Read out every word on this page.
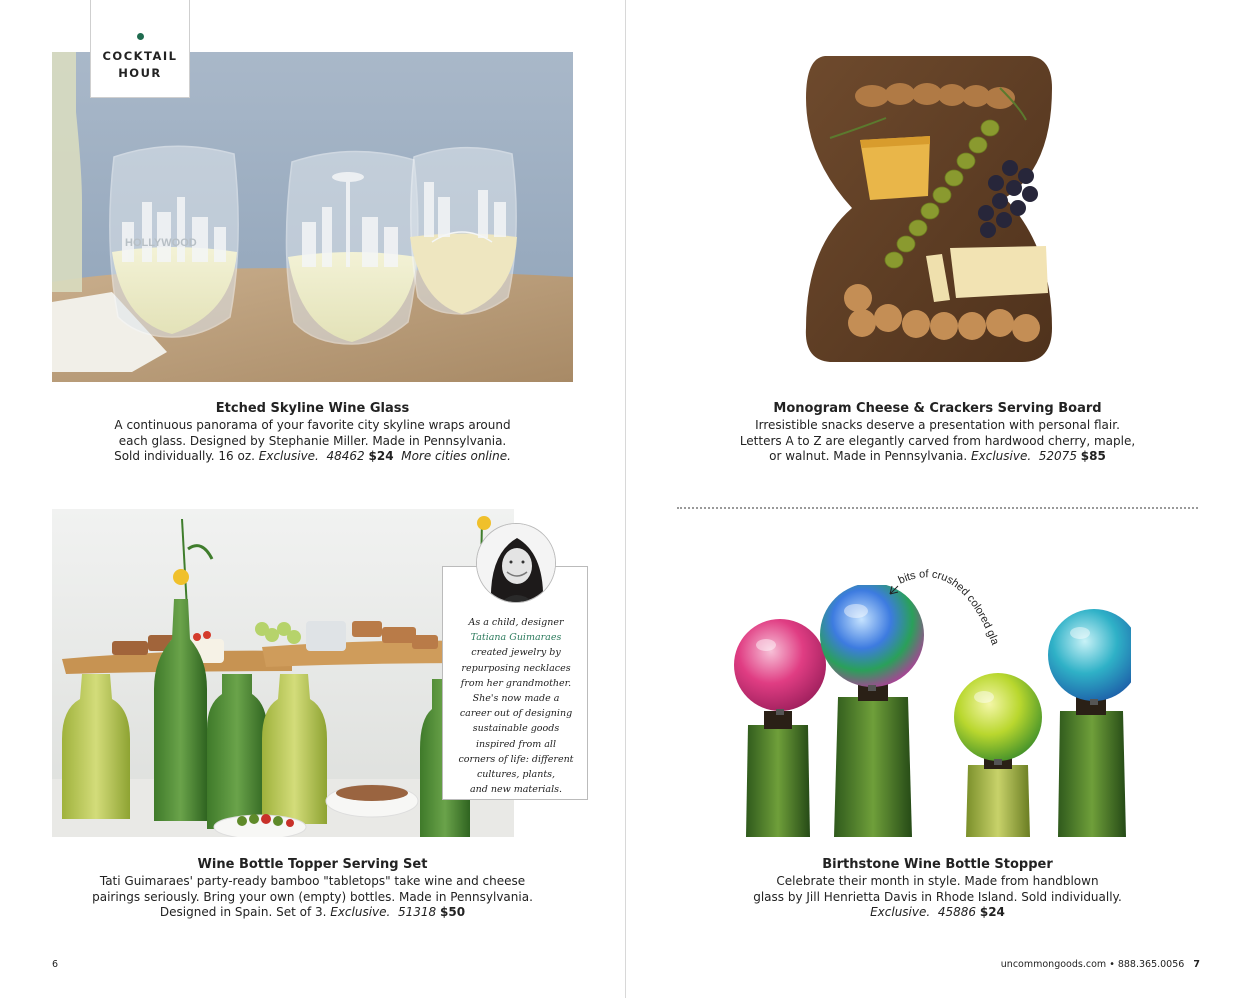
COCKTAIL
HOUR
HOLLYWOOD
Etched Skyline Wine Glass
A continuous panorama of your favorite city skyline wraps around
each glass. Designed by Stephanie Miller. Made in Pennsylvania.
Sold individually. 16 oz. Exclusive. 48462 $24 More cities online.
Monogram Cheese & Crackers Serving Board
Irresistible snacks deserve a presentation with personal flair.
Letters A to Z are elegantly carved from hardwood cherry, maple,
or walnut. Made in Pennsylvania. Exclusive. 52075 $85
As a child, designer
Tatiana Guimaraes
created jewelry by
repurposing necklaces
from her grandmother.
She's now made a
career out of designing
sustainable goods
inspired from all
corners of life: different
cultures, plants,
and new materials.
Wine Bottle Topper Serving Set
Tati Guimaraes' party-ready bamboo "tabletops" take wine and cheese
pairings seriously. Bring your own (empty) bottles. Made in Pennsylvania.
Designed in Spain. Set of 3. Exclusive. 51318 $50
bits of crushed colored gla
Birthstone Wine Bottle Stopper
Celebrate their month in style. Made from handblown
glass by Jill Henrietta Davis in Rhode Island. Sold individually.
Exclusive. 45886 $24
6	uncommongoods.com • 888.365.0056 7
